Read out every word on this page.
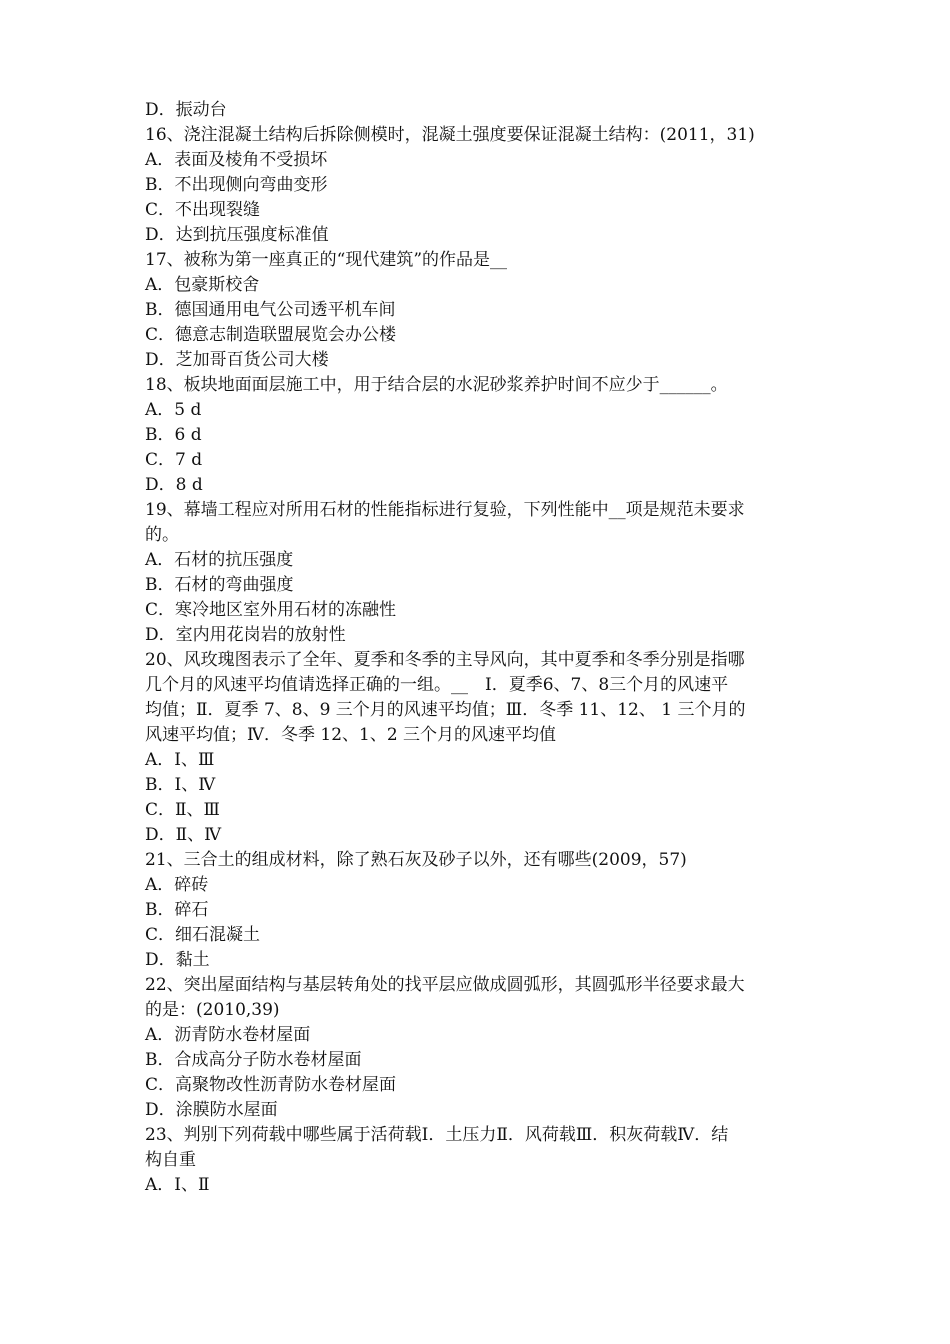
D．振动台

16、浇注混凝土结构后拆除侧模时，混凝土强度要保证混凝土结构：(2011，31)

A．表面及棱角不受损坏

B．不出现侧向弯曲变形

C．不出现裂缝

D．达到抗压强度标准值

17、被称为第一座真正的“现代建筑”的作品是__

A．包豪斯校舍

B．德国通用电气公司透平机车间

C．德意志制造联盟展览会办公楼

D．芝加哥百货公司大楼

18、板块地面面层施工中，用于结合层的水泥砂浆养护时间不应少于______。

A．5 d

B．6 d

C．7 d

D．8 d

19、幕墙工程应对所用石材的性能指标进行复验，下列性能中__项是规范未要求

的。

A．石材的抗压强度

B．石材的弯曲强度

C．寒冷地区室外用石材的冻融性

D．室内用花岗岩的放射性

20、风玫瑰图表示了全年、夏季和冬季的主导风向，其中夏季和冬季分别是指哪

几个月的风速平均值请选择正确的一组。__　Ⅰ．夏季6、7、8三个月的风速平

均值；Ⅱ．夏季 7、8、9 三个月的风速平均值；Ⅲ．冬季 11、12、 1 三个月的

风速平均值；Ⅳ．冬季 12、1、2 三个月的风速平均值

A．Ⅰ、Ⅲ

B．Ⅰ、Ⅳ

C．Ⅱ、Ⅲ

D．Ⅱ、Ⅳ

21、三合土的组成材料，除了熟石灰及砂子以外，还有哪些(2009，57)

A．碎砖

B．碎石

C．细石混凝土

D．黏土

22、突出屋面结构与基层转角处的找平层应做成圆弧形，其圆弧形半径要求最大

的是：(2010,39)

A．沥青防水卷材屋面

B．合成高分子防水卷材屋面

C．高聚物改性沥青防水卷材屋面

D．涂膜防水屋面

23、判别下列荷载中哪些属于活荷载Ⅰ．土压力Ⅱ．风荷载Ⅲ．积灰荷载Ⅳ．结

构自重

A．Ⅰ、Ⅱ
